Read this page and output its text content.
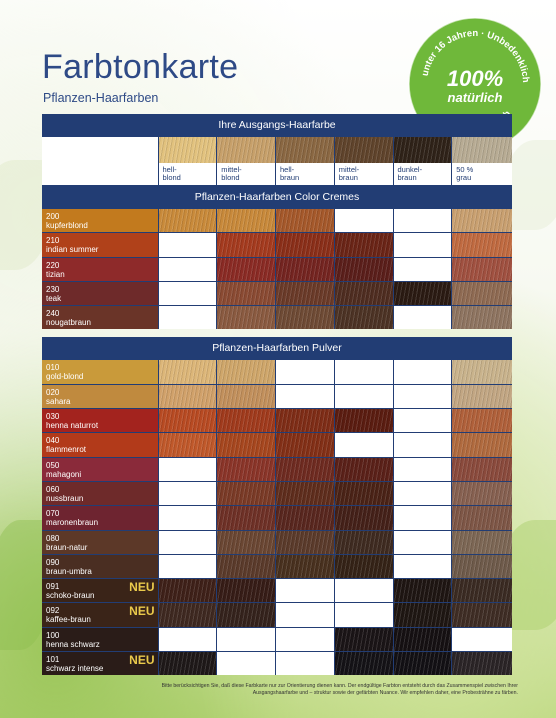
Farbtonkarte
Pflanzen-Haarfarben
unter 16 Jahren · Unbedenklich
100%
natürlich
Ihre Ausgangs-Haarfarbe
hell-
blond
mittel-
blond
hell-
braun
mittel-
braun
dunkel-
braun
50 %
grau
Pflanzen-Haarfarben Color Cremes
200
kupferblond
210
indian summer
220
tizian
230
teak
240
nougatbraun
Pflanzen-Haarfarben Pulver
010
gold-blond
020
sahara
030
henna naturrot
040
flammenrot
050
mahagoni
060
nussbraun
070
maronenbraun
080
braun-natur
090
braun-umbra
091
schoko-braun
NEU
092
kaffee-braun
NEU
100
henna schwarz
101
schwarz intense
NEU
Bitte berücksichtigen Sie, daß diese Farbkarte nur zur Orientierung dienen kann. Der endgültige Farbton entsteht durch das Zusammenspiel zwischen Ihrer Ausgangshaarfarbe und – struktur sowie der gefärbten Nuance. Wir empfehlen daher, eine Probesträhne zu färben.
